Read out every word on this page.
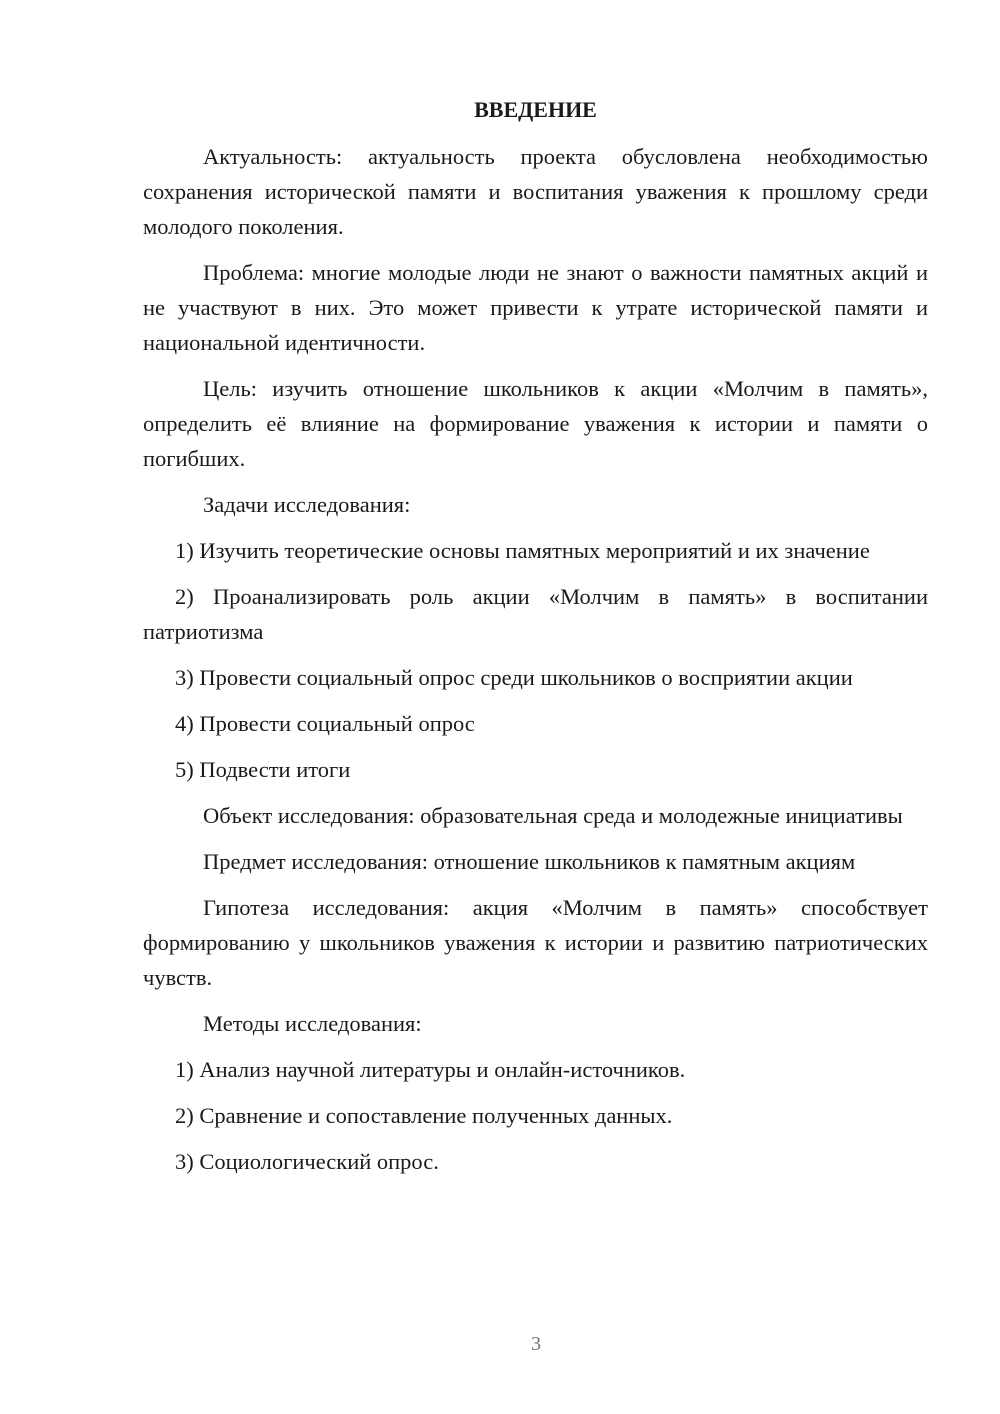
ВВЕДЕНИЕ

Актуальность: актуальность проекта обусловлена необходимостью сохранения исторической памяти и воспитания уважения к прошлому среди молодого поколения.

Проблема: многие молодые люди не знают о важности памятных акций и не участвуют в них. Это может привести к утрате исторической памяти и национальной идентичности.

Цель: изучить отношение школьников к акции «Молчим в память», определить её влияние на формирование уважения к истории и памяти о погибших.

Задачи исследования:

1) Изучить теоретические основы памятных мероприятий и их значение

2) Проанализировать роль акции «Молчим в память» в воспитании патриотизма

3) Провести социальный опрос среди школьников о восприятии акции

4) Провести социальный опрос

5) Подвести итоги

Объект исследования: образовательная среда и молодежные инициативы

Предмет исследования: отношение школьников к памятным акциям

Гипотеза исследования: акция «Молчим в память» способствует формированию у школьников уважения к истории и развитию патриотических чувств.

Методы исследования:

1) Анализ научной литературы и онлайн-источников.

2) Сравнение и сопоставление полученных данных.

3) Социологический опрос.

3
